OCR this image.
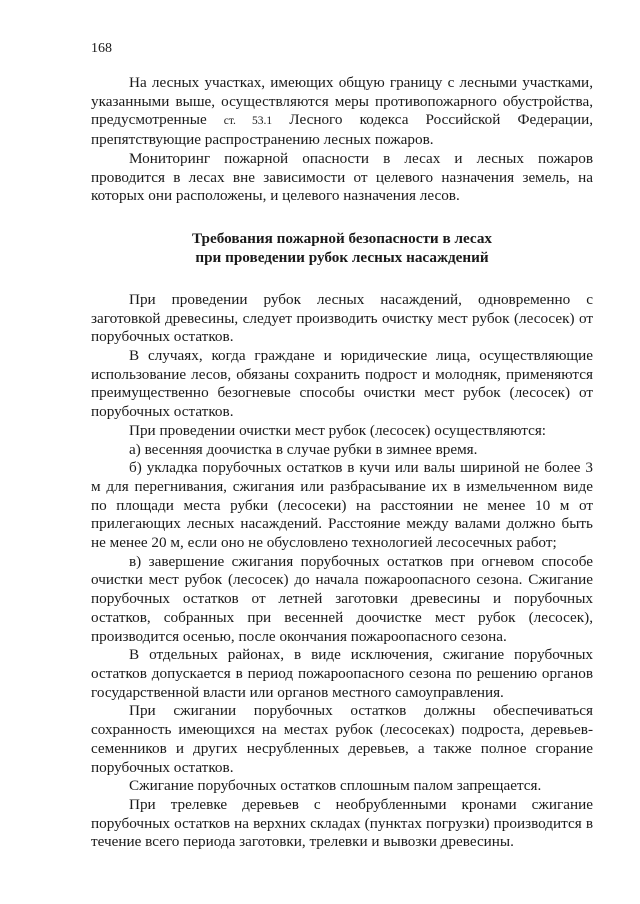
168

На лесных участках, имеющих общую границу с лесными участками, указанными выше, осуществляются меры противопожарного обустройства, предусмотренные ст. 53.1 Лесного кодекса Российской Федерации, препятствующие распространению лесных пожаров.

Мониторинг пожарной опасности в лесах и лесных пожаров проводится в лесах вне зависимости от целевого назначения земель, на которых они расположены, и целевого назначения лесов.

Требования пожарной безопасности в лесах
при проведении рубок лесных насаждений

При проведении рубок лесных насаждений, одновременно с заготовкой древесины, следует производить очистку мест рубок (лесосек) от порубочных остатков.

В случаях, когда граждане и юридические лица, осуществляющие использование лесов, обязаны сохранить подрост и молодняк, применяются преимущественно безогневые способы очистки мест рубок (лесосек) от порубочных остатков.

При проведении очистки мест рубок (лесосек) осуществляются:

а) весенняя доочистка в случае рубки в зимнее время.

б) укладка порубочных остатков в кучи или валы шириной не более 3 м для перегнивания, сжигания или разбрасывание их в измельченном виде по площади места рубки (лесосеки) на расстоянии не менее 10 м от прилегающих лесных насаждений. Расстояние между валами должно быть не менее 20 м, если оно не обусловлено технологией лесосечных работ;

в) завершение сжигания порубочных остатков при огневом способе очистки мест рубок (лесосек) до начала пожароопасного сезона. Сжигание порубочных остатков от летней заготовки древесины и порубочных остатков, собранных при весенней доочистке мест рубок (лесосек), производится осенью, после окончания пожароопасного сезона.

В отдельных районах, в виде исключения, сжигание порубочных остатков допускается в период пожароопасного сезона по решению органов государственной власти или органов местного самоуправления.

При сжигании порубочных остатков должны обеспечиваться сохранность имеющихся на местах рубок (лесосеках) подроста, деревьев-семенников и других несрубленных деревьев, а также полное сгорание порубочных остатков.

Сжигание порубочных остатков сплошным палом запрещается.

При трелевке деревьев с необрубленными кронами сжигание порубочных остатков на верхних складах (пунктах погрузки) производится в течение всего периода заготовки, трелевки и вывозки древесины.
